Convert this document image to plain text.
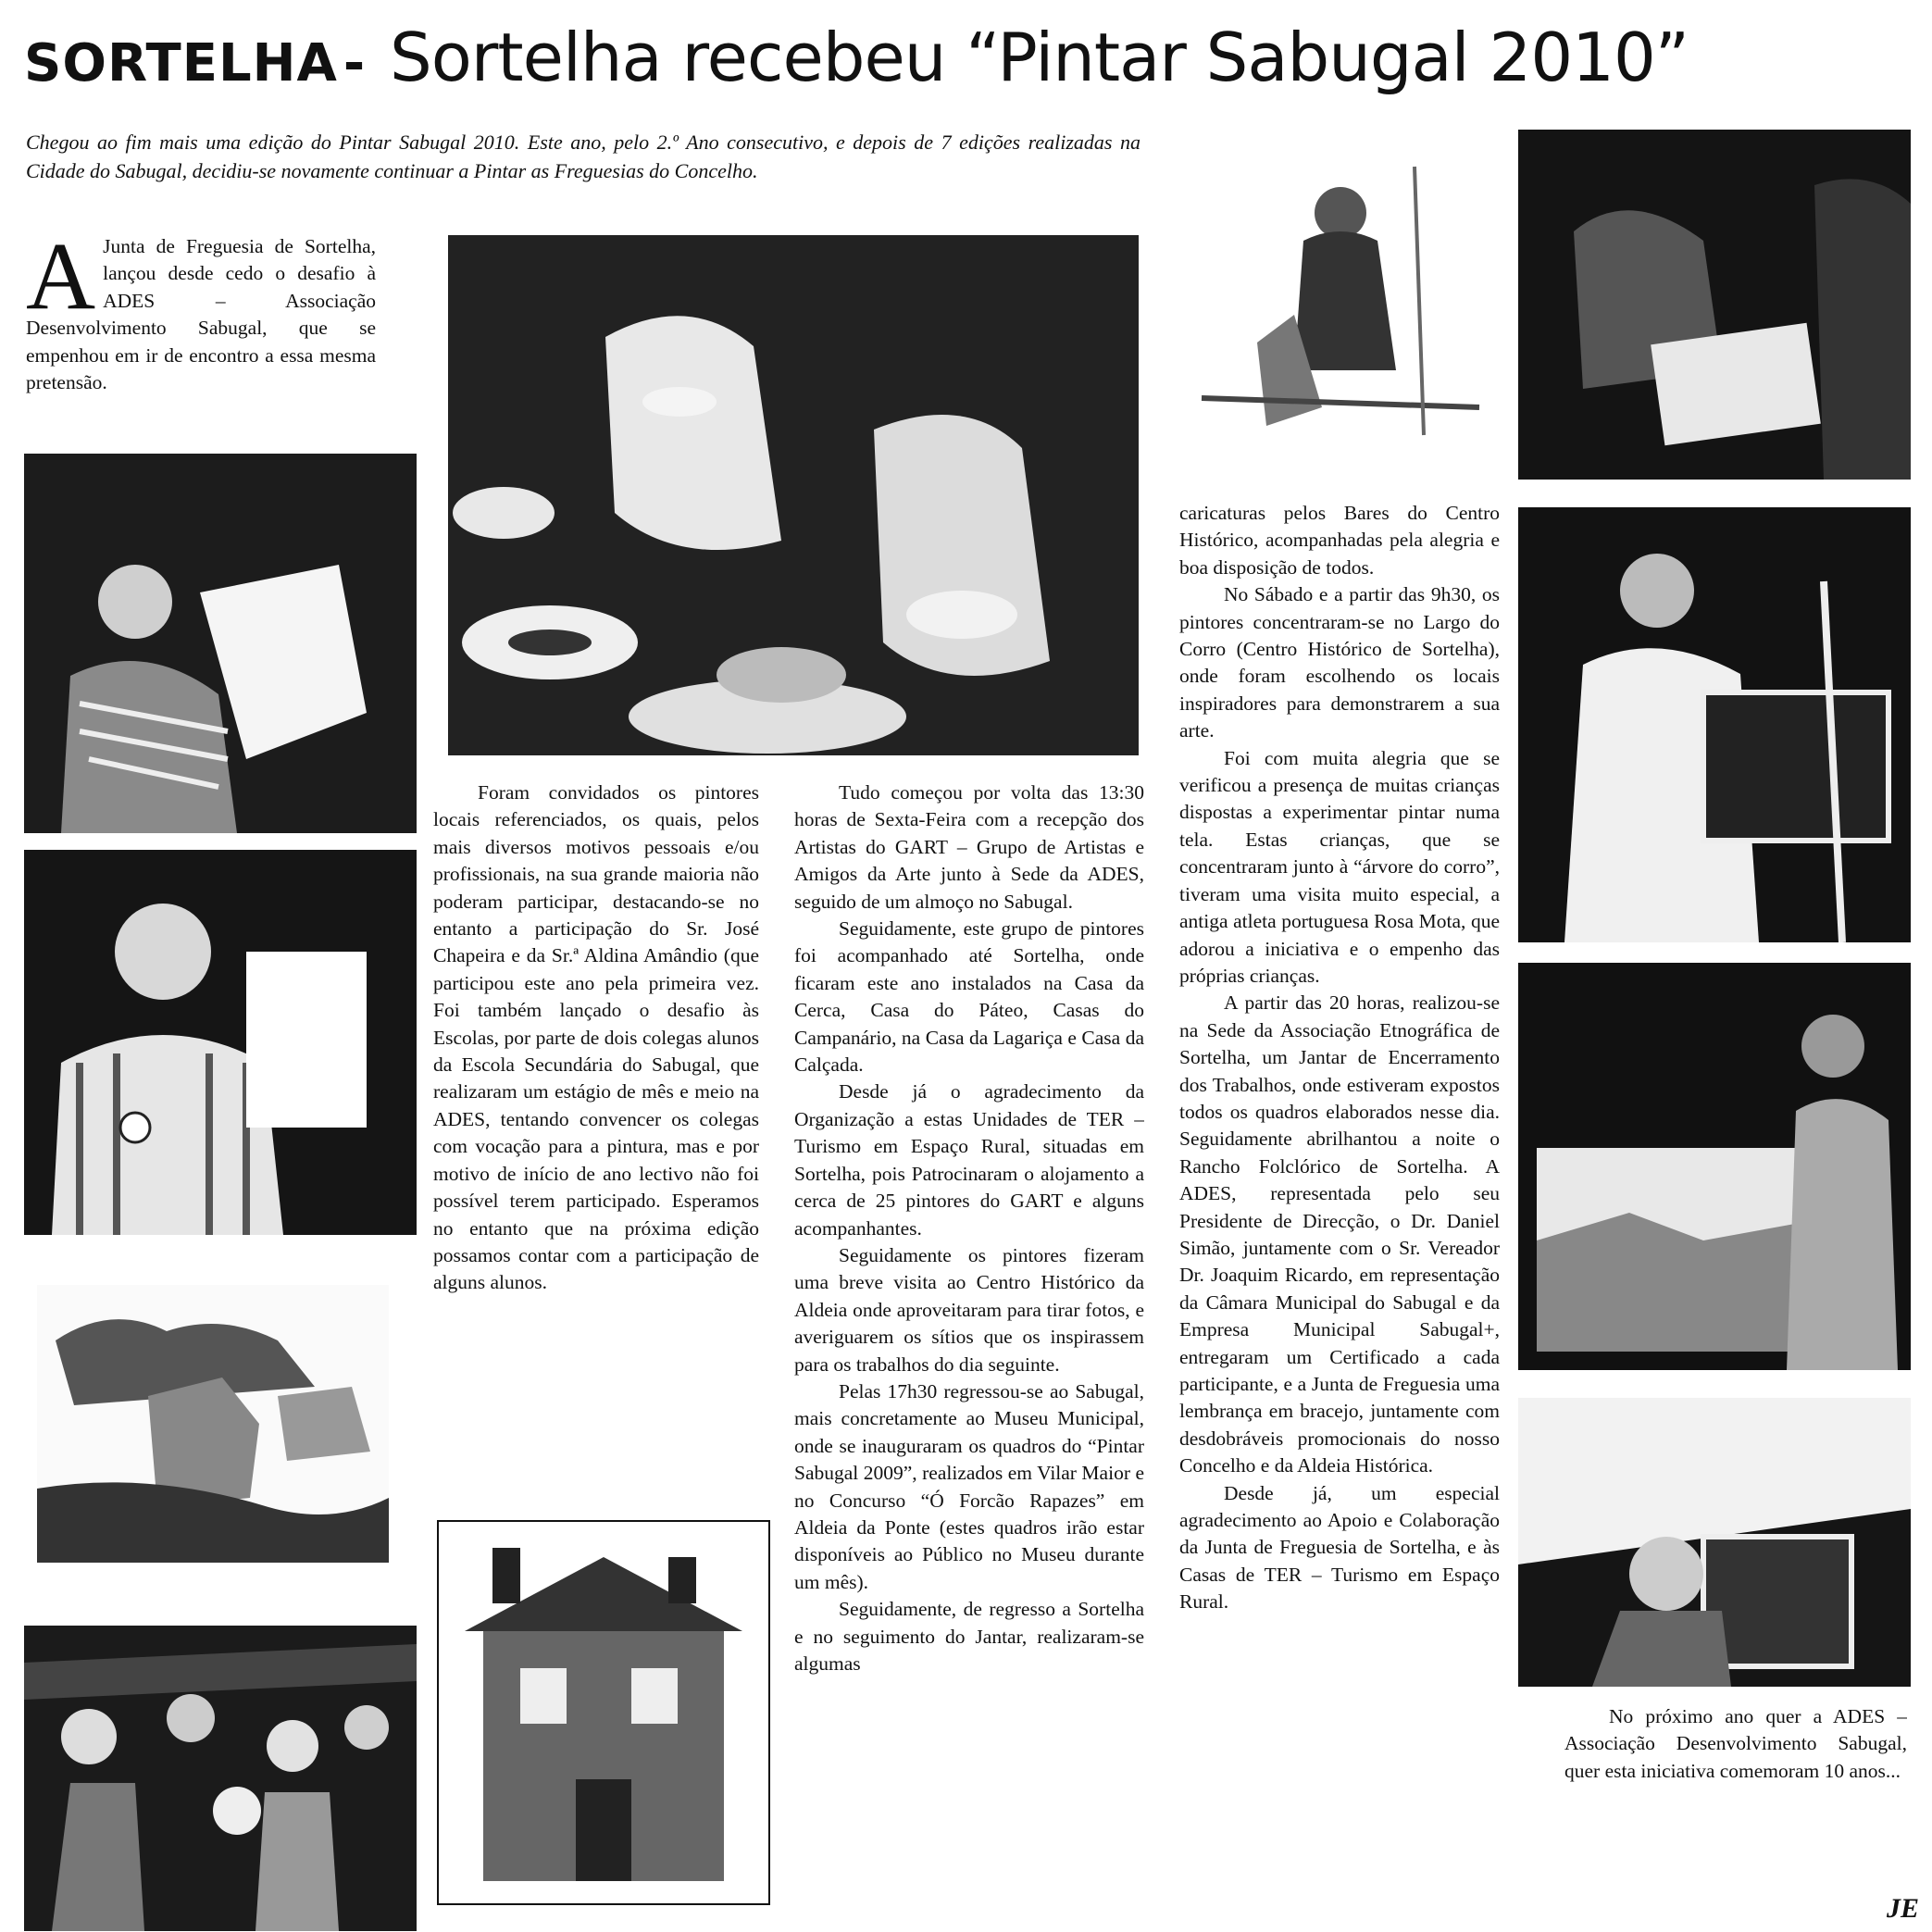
SORTELHA - Sortelha recebeu “Pintar Sabugal 2010”
Chegou ao fim mais uma edição do Pintar Sabugal 2010. Este ano, pelo 2.º Ano consecutivo, e depois de 7 edições realizadas na Cidade do Sabugal, decidiu-se novamente continuar a Pintar as Freguesias do Concelho.

A Junta de Freguesia de Sortelha, lançou desde cedo o desafio à ADES – Associação Desenvolvimento Sabugal, que se empenhou em ir de encontro a essa mesma pretensão.

Foram convidados os pintores locais referenciados, os quais, pelos mais diversos motivos pessoais e/ou profissionais, na sua grande maioria não poderam participar, destacando-se no entanto a participação do Sr. José Chapeira e da Sr.ª Aldina Amândio (que participou este ano pela primeira vez. Foi também lançado o desafio às Escolas, por parte de dois colegas alunos da Escola Secundária do Sabugal, que realizaram um estágio de mês e meio na ADES, tentando convencer os colegas com vocação para a pintura, mas e por motivo de início de ano lectivo não foi possível terem participado. Esperamos no entanto que na próxima edição possamos contar com a participação de alguns alunos.

Tudo começou por volta das 13:30 horas de Sexta-Feira com a recepção dos Artistas do GART – Grupo de Artistas e Amigos da Arte junto à Sede da ADES, seguido de um almoço no Sabugal.

Seguidamente, este grupo de pintores foi acompanhado até Sortelha, onde ficaram este ano instalados na Casa da Cerca, Casa do Páteo, Casas do Campanário, na Casa da Lagariça e Casa da Calçada.

Desde já o agradecimento da Organização a estas Unidades de TER – Turismo em Espaço Rural, situadas em Sortelha, pois Patrocinaram o alojamento a cerca de 25 pintores do GART e alguns acompanhantes.

Seguidamente os pintores fizeram uma breve visita ao Centro Histórico da Aldeia onde aproveitaram para tirar fotos, e averiguarem os sítios que os inspirassem para os trabalhos do dia seguinte.

Pelas 17h30 regressou-se ao Sabugal, mais concretamente ao Museu Municipal, onde se inauguraram os quadros do “Pintar Sabugal 2009”, realizados em Vilar Maior e no Concurso “Ó Forcão Rapazes” em Aldeia da Ponte (estes quadros irão estar disponíveis ao Público no Museu durante um mês).

Seguidamente, de regresso a Sortelha e no seguimento do Jantar, realizaram-se algumas

caricaturas pelos Bares do Centro Histórico, acompanhadas pela alegria e boa disposição de todos.

No Sábado e a partir das 9h30, os pintores concentraram-se no Largo do Corro (Centro Histórico de Sortelha), onde foram escolhendo os locais inspiradores para demonstrarem a sua arte.

Foi com muita alegria que se verificou a presença de muitas crianças dispostas a experimentar pintar numa tela. Estas crianças, que se concentraram junto à “árvore do corro”, tiveram uma visita muito especial, a antiga atleta portuguesa Rosa Mota, que adorou a iniciativa e o empenho das próprias crianças.

A partir das 20 horas, realizou-se na Sede da Associação Etnográfica de Sortelha, um Jantar de Encerramento dos Trabalhos, onde estiveram expostos todos os quadros elaborados nesse dia. Seguidamente abrilhantou a noite o Rancho Folclórico de Sortelha. A ADES, representada pelo seu Presidente de Direcção, o Dr. Daniel Simão, juntamente com o Sr. Vereador Dr. Joaquim Ricardo, em representação da Câmara Municipal do Sabugal e da Empresa Municipal Sabugal+, entregaram um Certificado a cada participante, e a Junta de Freguesia uma lembrança em bracejo, juntamente com desdobráveis promocionais do nosso Concelho e da Aldeia Histórica.

Desde já, um especial agradecimento ao Apoio e Colaboração da Junta de Freguesia de Sortelha, e às Casas de TER – Turismo em Espaço Rural.

No próximo ano quer a ADES – Associação Desenvolvimento Sabugal, quer esta iniciativa comemoram 10 anos...

JE
